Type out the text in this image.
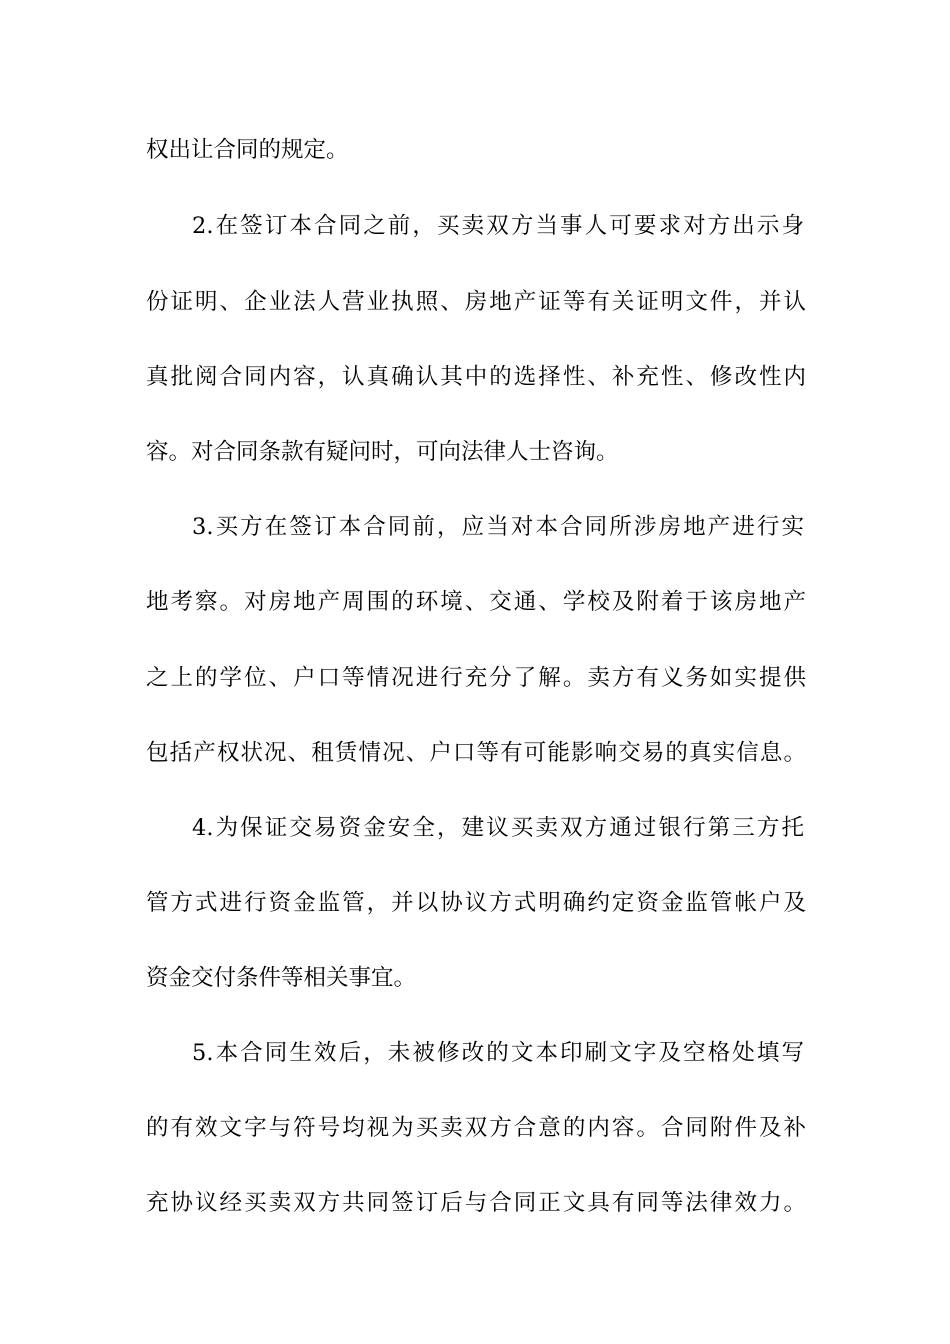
权出让合同的规定。
2.在签订本合同之前，买卖双方当事人可要求对方出示身
份证明、企业法人营业执照、房地产证等有关证明文件，并认
真批阅合同内容，认真确认其中的选择性、补充性、修改性内
容。对合同条款有疑问时，可向法律人士咨询。
3.买方在签订本合同前，应当对本合同所涉房地产进行实
地考察。对房地产周围的环境、交通、学校及附着于该房地产
之上的学位、户口等情况进行充分了解。卖方有义务如实提供
包括产权状况、租赁情况、户口等有可能影响交易的真实信息。
4.为保证交易资金安全，建议买卖双方通过银行第三方托
管方式进行资金监管，并以协议方式明确约定资金监管帐户及
资金交付条件等相关事宜。
5.本合同生效后，未被修改的文本印刷文字及空格处填写
的有效文字与符号均视为买卖双方合意的内容。合同附件及补
充协议经买卖双方共同签订后与合同正文具有同等法律效力。
